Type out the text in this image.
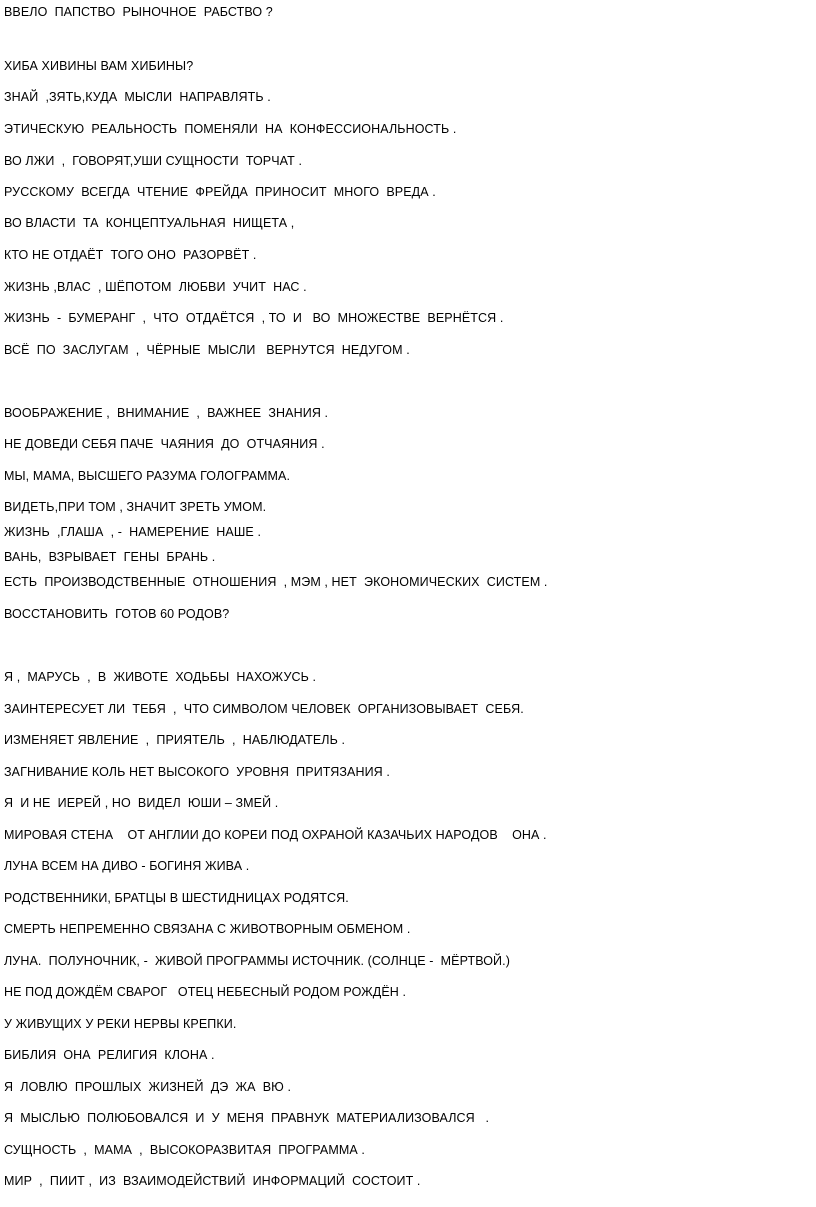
ВВЕЛО  ПАПСТВО  РЫНОЧНОЕ  РАБСТВО ?

ХИБА ХИВИНЫ ВАМ ХИБИНЫ?

ЗНАЙ  ,ЗЯТЬ,КУДА  МЫСЛИ  НАПРАВЛЯТЬ .

ЭТИЧЕСКУЮ  РЕАЛЬНОСТЬ  ПОМЕНЯЛИ  НА  КОНФЕССИОНАЛЬНОСТЬ .

ВО ЛЖИ  ,  ГОВОРЯТ,УШИ СУЩНОСТИ  ТОРЧАТ .

РУССКОМУ  ВСЕГДА  ЧТЕНИЕ  ФРЕЙДА  ПРИНОСИТ  МНОГО  ВРЕДА .

ВО ВЛАСТИ  ТА  КОНЦЕПТУАЛЬНАЯ  НИЩЕТА ,

КТО НЕ ОТДАЁТ  ТОГО ОНО  РАЗОРВЁТ .

ЖИЗНЬ ,ВЛАС  , ШЁПОТОМ  ЛЮБВИ  УЧИТ  НАС .

ЖИЗНЬ  -  БУМЕРАНГ  ,  ЧТО  ОТДАЁТСЯ  , ТО  И   ВО  МНОЖЕСТВЕ  ВЕРНЁТСЯ .

ВСЁ  ПО  ЗАСЛУГАМ  ,  ЧЁРНЫЕ  МЫСЛИ   ВЕРНУТСЯ  НЕДУГОМ .

ВООБРАЖЕНИЕ ,  ВНИМАНИЕ  ,  ВАЖНЕЕ  ЗНАНИЯ .

НЕ ДОВЕДИ СЕБЯ ПАЧЕ  ЧАЯНИЯ  ДО  ОТЧАЯНИЯ .

МЫ, МАМА, ВЫСШЕГО РАЗУМА ГОЛОГРАММА.

ВИДЕТЬ,ПРИ ТОМ , ЗНАЧИТ ЗРЕТЬ УМОМ.

ЖИЗНЬ  ,ГЛАША  , -  НАМЕРЕНИЕ  НАШЕ .

ВАНЬ,  ВЗРЫВАЕТ  ГЕНЫ  БРАНЬ .

ЕСТЬ  ПРОИЗВОДСТВЕННЫЕ  ОТНОШЕНИЯ  , МЭМ , НЕТ  ЭКОНОМИЧЕСКИХ  СИСТЕМ .

ВОССТАНОВИТЬ  ГОТОВ 60 РОДОВ?

Я ,  МАРУСЬ  ,  В  ЖИВОТЕ  ХОДЬБЫ  НАХОЖУСЬ .

ЗАИНТЕРЕСУЕТ ЛИ  ТЕБЯ  ,  ЧТО СИМВОЛОМ ЧЕЛОВЕК  ОРГАНИЗОВЫВАЕТ  СЕБЯ.

ИЗМЕНЯЕТ ЯВЛЕНИЕ  ,  ПРИЯТЕЛЬ  ,  НАБЛЮДАТЕЛЬ .

ЗАГНИВАНИЕ КОЛЬ НЕТ ВЫСОКОГО  УРОВНЯ  ПРИТЯЗАНИЯ .

Я  И НЕ  ИЕРЕЙ , НО  ВИДЕЛ  ЮШИ – ЗМЕЙ .

МИРОВАЯ СТЕНА    ОТ АНГЛИИ ДО КОРЕИ ПОД ОХРАНОЙ КАЗАЧЬИХ НАРОДОВ    ОНА .

ЛУНА ВСЕМ НА ДИВО - БОГИНЯ ЖИВА .

РОДСТВЕННИКИ, БРАТЦЫ В ШЕСТИДНИЦАХ РОДЯТСЯ.

СМЕРТЬ НЕПРЕМЕННО СВЯЗАНА С ЖИВОТВОРНЫМ ОБМЕНОМ .

ЛУНА.  ПОЛУНОЧНИК, -  ЖИВОЙ ПРОГРАММЫ ИСТОЧНИК. (СОЛНЦЕ -  МЁРТВОЙ.)

НЕ ПОД ДОЖДЁМ СВАРОГ   ОТЕЦ НЕБЕСНЫЙ РОДОМ РОЖДЁН .

У ЖИВУЩИХ У РЕКИ НЕРВЫ КРЕПКИ.

БИБЛИЯ  ОНА  РЕЛИГИЯ  КЛОНА .

Я  ЛОВЛЮ  ПРОШЛЫХ  ЖИЗНЕЙ  ДЭ  ЖА  ВЮ .

Я  МЫСЛЬЮ  ПОЛЮБОВАЛСЯ  И  У  МЕНЯ  ПРАВНУК  МАТЕРИАЛИЗОВАЛСЯ   .

СУЩНОСТЬ  ,  МАМА  ,  ВЫСОКОРАЗВИТАЯ  ПРОГРАММА .

МИР  ,  ПИИТ ,  ИЗ  ВЗАИМОДЕЙСТВИЙ  ИНФОРМАЦИЙ  СОСТОИТ .
